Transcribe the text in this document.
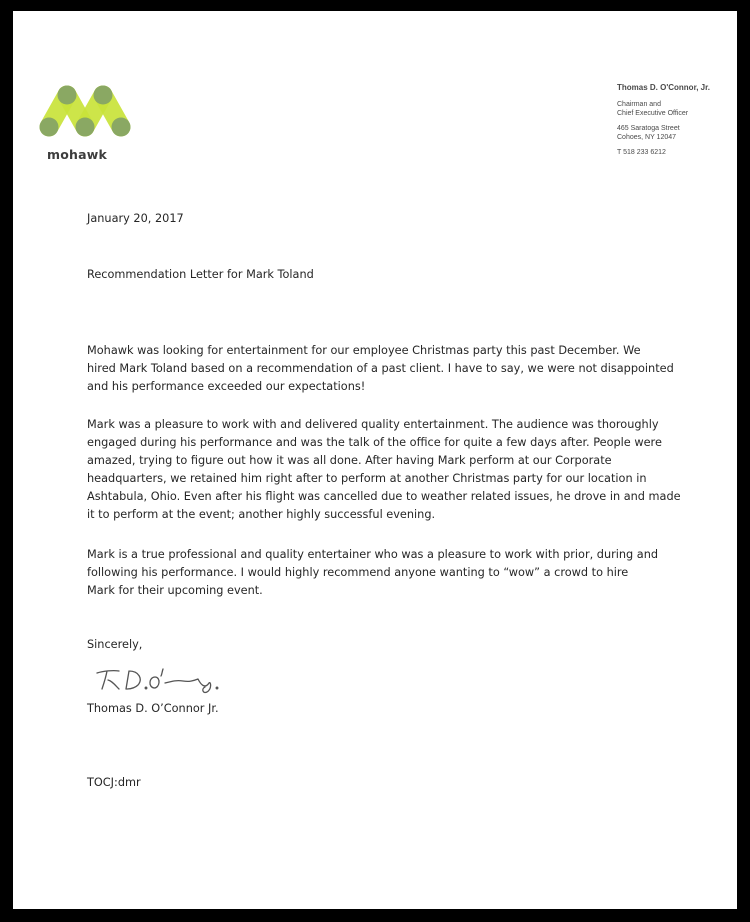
mohawk
Thomas D. O'Connor, Jr.
Chairman and
Chief Executive Officer
465 Saratoga Street
Cohoes, NY 12047
T 518 233 6212
January 20, 2017
Recommendation Letter for Mark Toland

Mohawk was looking for entertainment for our employee Christmas party this past December. We

hired Mark Toland based on a recommendation of a past client. I have to say, we were not disappointed

and his performance exceeded our expectations!

Mark was a pleasure to work with and delivered quality entertainment. The audience was thoroughly

engaged during his performance and was the talk of the office for quite a few days after. People were

amazed, trying to figure out how it was all done. After having Mark perform at our Corporate

headquarters, we retained him right after to perform at another Christmas party for our location in

Ashtabula, Ohio. Even after his flight was cancelled due to weather related issues, he drove in and made

it to perform at the event; another highly successful evening.

Mark is a true professional and quality entertainer who was a pleasure to work with prior, during and

following his performance. I would highly recommend anyone wanting to “wow” a crowd to hire

Mark for their upcoming event.

Sincerely,
Thomas D. O’Connor Jr.
TOCJ:dmr
